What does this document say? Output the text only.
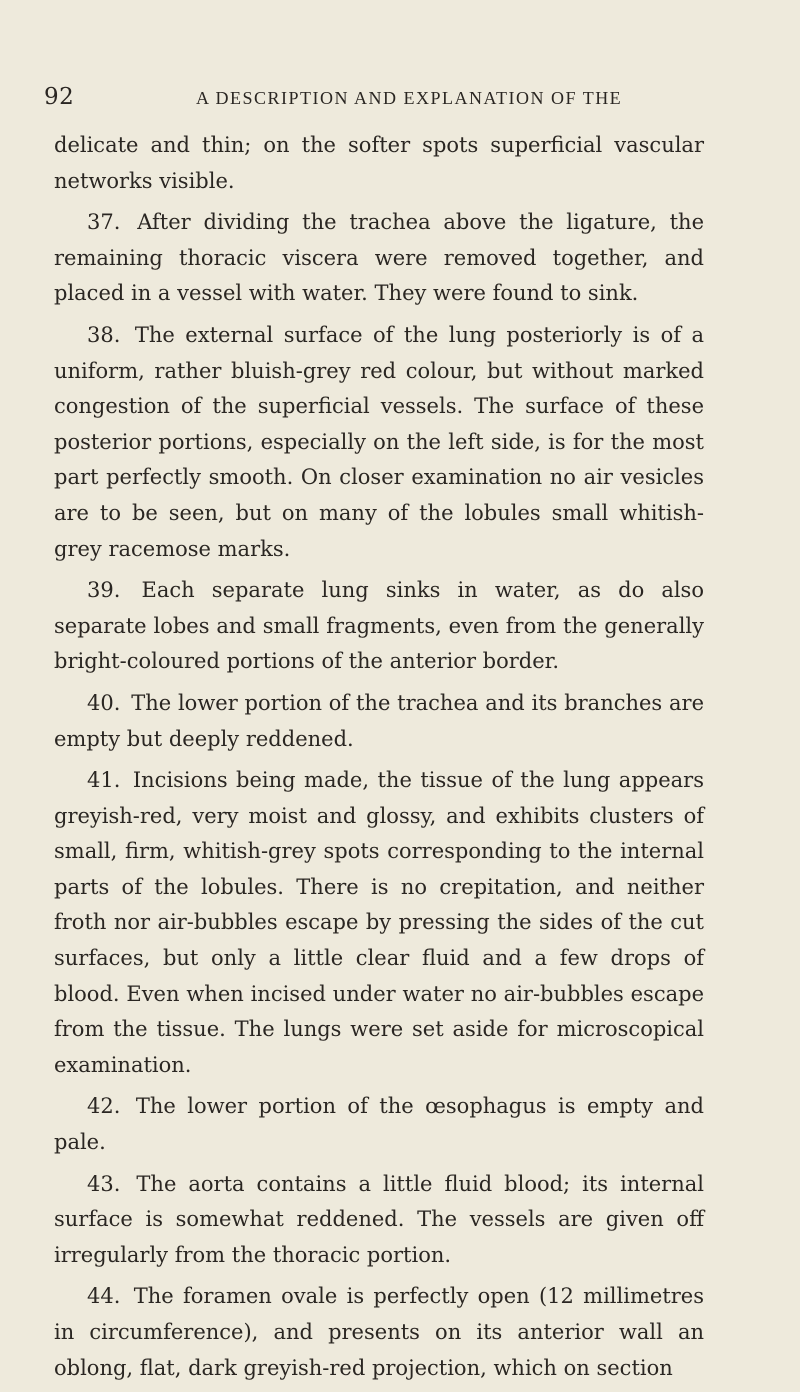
92	A DESCRIPTION AND EXPLANATION OF THE

delicate and thin; on the softer spots superficial vascular networks visible.

37. After dividing the trachea above the ligature, the remaining thoracic viscera were removed together, and placed in a vessel with water. They were found to sink.

38. The external surface of the lung posteriorly is of a uniform, rather bluish-grey red colour, but without marked congestion of the superficial vessels. The surface of these posterior portions, especially on the left side, is for the most part perfectly smooth. On closer examination no air vesicles are to be seen, but on many of the lobules small whitish-grey racemose marks.

39. Each separate lung sinks in water, as do also separate lobes and small fragments, even from the generally bright-coloured portions of the anterior border.

40. The lower portion of the trachea and its branches are empty but deeply reddened.

41. Incisions being made, the tissue of the lung appears greyish-red, very moist and glossy, and exhibits clusters of small, firm, whitish-grey spots corresponding to the internal parts of the lobules. There is no crepitation, and neither froth nor air-bubbles escape by pressing the sides of the cut surfaces, but only a little clear fluid and a few drops of blood. Even when incised under water no air-bubbles escape from the tissue. The lungs were set aside for microscopical examination.

42. The lower portion of the œsophagus is empty and pale.

43. The aorta contains a little fluid blood; its internal surface is somewhat reddened. The vessels are given off irregularly from the thoracic portion.

44. The foramen ovale is perfectly open (12 millimetres in circumference), and presents on its anterior wall an oblong, flat, dark greyish-red projection, which on section
